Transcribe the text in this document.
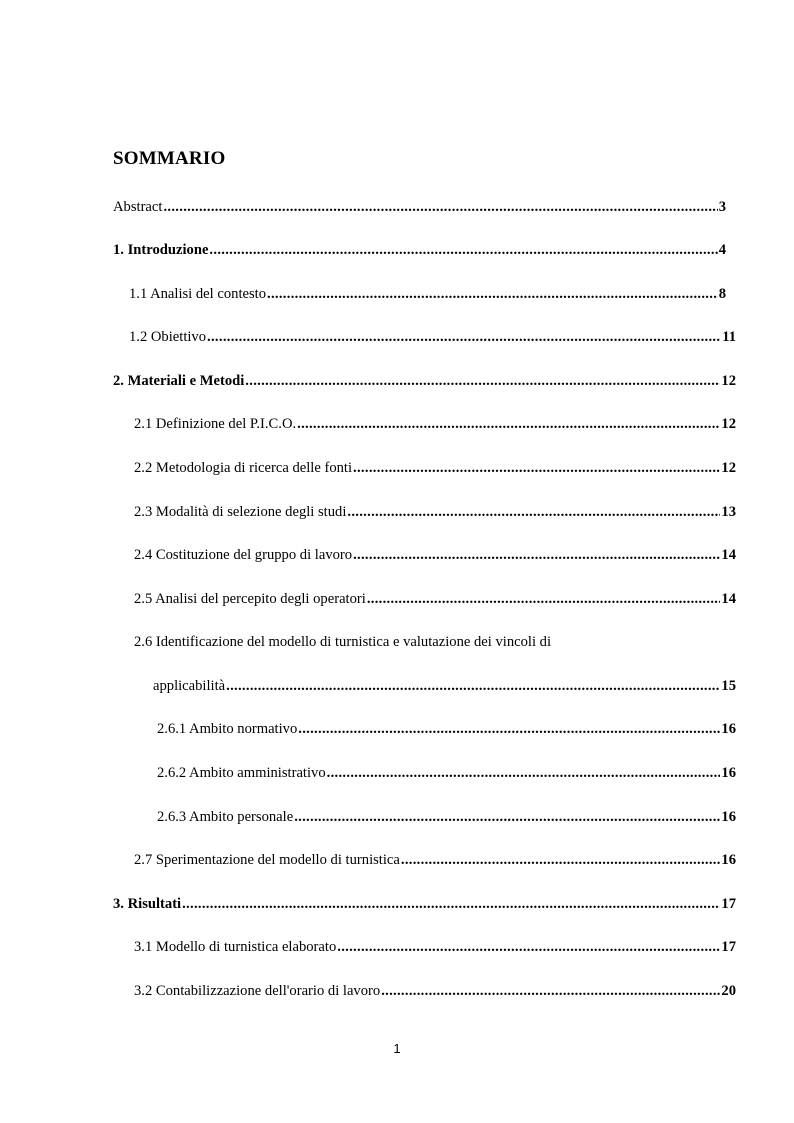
SOMMARIO
Abstract .....	3
1. Introduzione .....	4
1.1 Analisi del contesto .....	8
1.2 Obiettivo .....	11
2. Materiali e Metodi .....	12
2.1 Definizione del P.I.C.O. .....	12
2.2 Metodologia di ricerca delle fonti .....	12
2.3 Modalità di selezione degli studi .....	13
2.4 Costituzione del gruppo di lavoro .....	14
2.5 Analisi del percepito degli operatori .....	14
2.6 Identificazione del modello di turnistica e valutazione dei vincoli di
applicabilità .....	15
2.6.1 Ambito normativo .....	16
2.6.2 Ambito amministrativo .....	16
2.6.3 Ambito personale .....	16
2.7 Sperimentazione del modello di turnistica .....	16
3. Risultati .....	17
3.1 Modello di turnistica elaborato .....	17
3.2 Contabilizzazione dell'orario di lavoro .....	20
1
